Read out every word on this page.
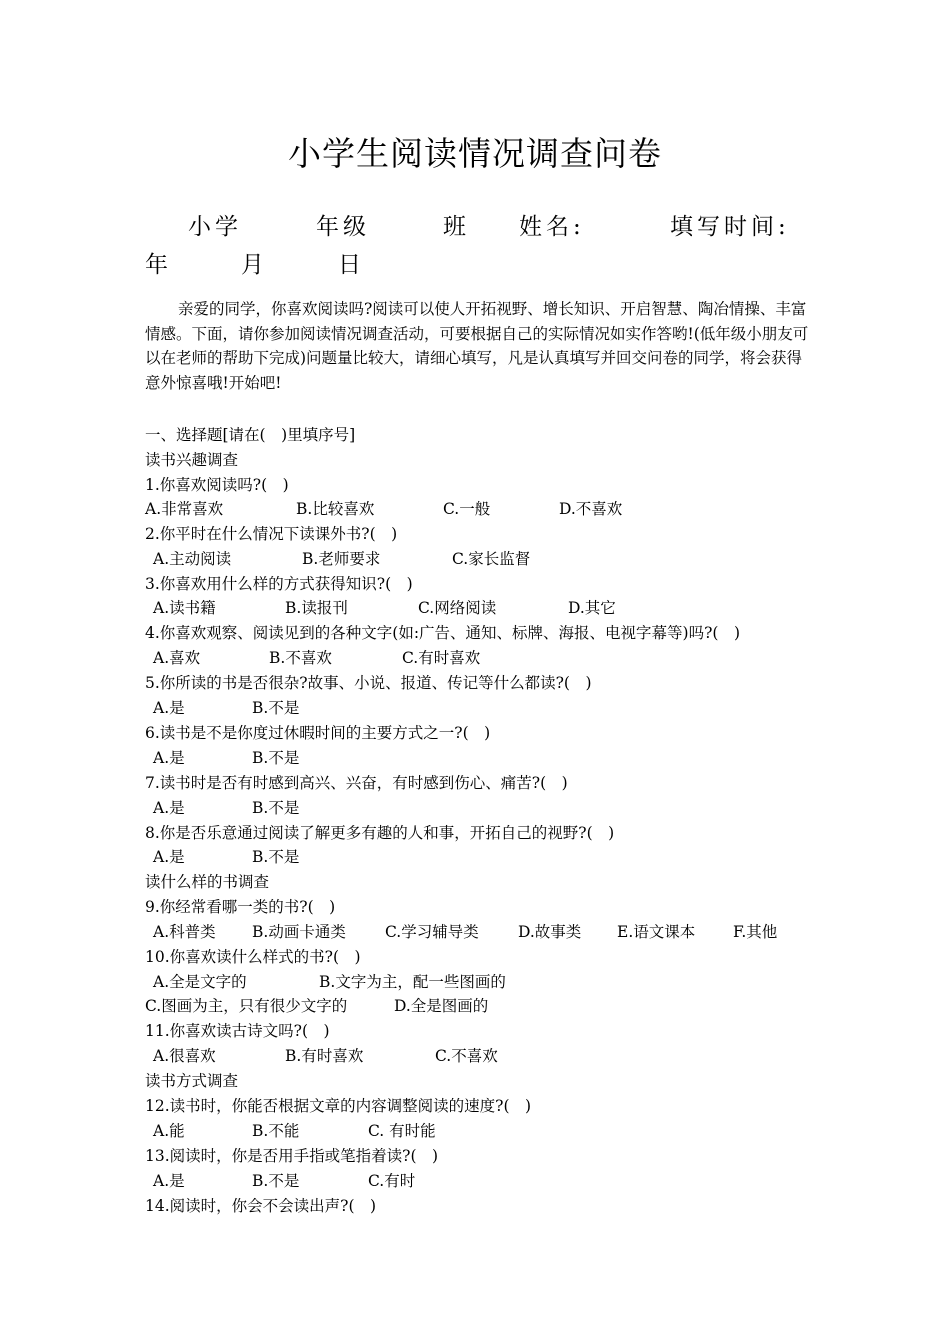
小学生阅读情况调查问卷
小学	年级	班 姓名:	填写时间:
年	月	日
亲爱的同学，你喜欢阅读吗?阅读可以使人开拓视野、增长知识、开启智慧、陶冶情操、丰富情感。下面，请你参加阅读情况调查活动，可要根据自己的实际情况如实作答哟!(低年级小朋友可以在老师的帮助下完成)问题量比较大，请细心填写，凡是认真填写并回交问卷的同学，将会获得意外惊喜哦!开始吧!
一、选择题[请在(　)里填序号]
读书兴趣调查
1.你喜欢阅读吗?(　)
A.非常喜欢	B.比较喜欢	C.一般	D.不喜欢
2.你平时在什么情况下读课外书?(　)
A.主动阅读	B.老师要求	C.家长监督
3.你喜欢用什么样的方式获得知识?(　)
A.读书籍	B.读报刊	C.网络阅读	D.其它
4.你喜欢观察、阅读见到的各种文字(如:广告、通知、标牌、海报、电视字幕等)吗?(　)
A.喜欢	B.不喜欢	C.有时喜欢
5.你所读的书是否很杂?故事、小说、报道、传记等什么都读?(　)
A.是	B.不是
6.读书是不是你度过休暇时间的主要方式之一?(　)
A.是	B.不是
7.读书时是否有时感到高兴、兴奋，有时感到伤心、痛苦?(　)
A.是	B.不是
8.你是否乐意通过阅读了解更多有趣的人和事，开拓自己的视野?(　)
A.是	B.不是
读什么样的书调查
9.你经常看哪一类的书?(　)
A.科普类 B.动画卡通类	C.学习辅导类	D.故事类 E.语文课本 F.其他
10.你喜欢读什么样式的书?(　)
A.全是文字的	B.文字为主，配一些图画的
C.图画为主，只有很少文字的	D.全是图画的
11.你喜欢读古诗文吗?(　)
A.很喜欢	B.有时喜欢	C.不喜欢
读书方式调查
12.读书时，你能否根据文章的内容调整阅读的速度?(　)
A.能	B.不能	C. 有时能
13.阅读时，你是否用手指或笔指着读?(　)
A.是	B.不是	C.有时
14.阅读时，你会不会读出声?(　)
